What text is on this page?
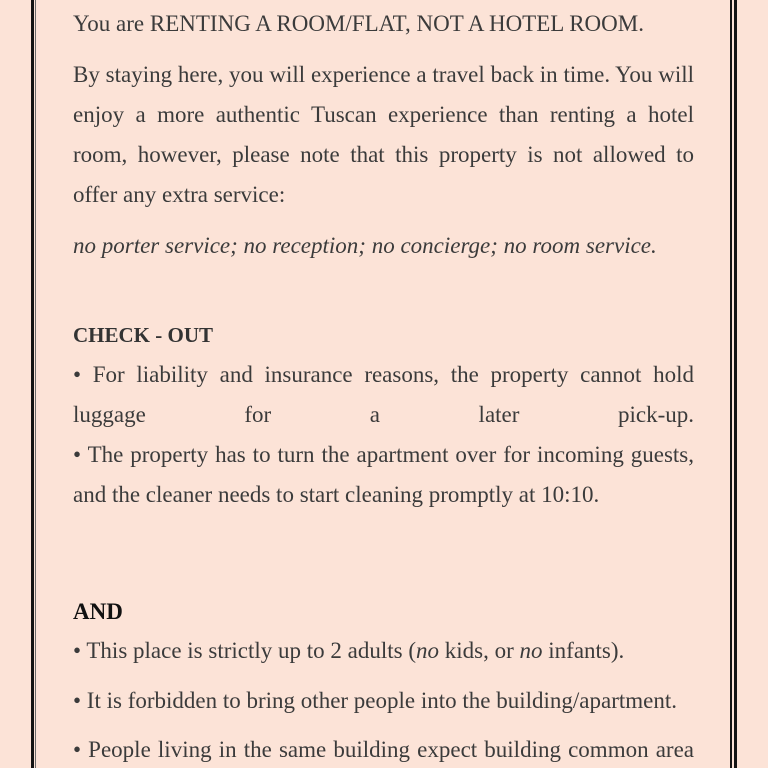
You are RENTING A ROOM/FLAT, NOT A HOTEL ROOM.

By staying here, you will experience a travel back in time. You will enjoy a more authentic Tuscan experience than renting a hotel room, however, please note that this property is not allowed to offer any extra service:

no porter service; no reception; no concierge; no room service.

CHECK - OUT

• For liability and insurance reasons, the property cannot hold luggage for a later pick-up.

• The property has to turn the apartment over for incoming guests, and the cleaner needs to start cleaning promptly at 10:10.

AND

• This place is strictly up to 2 adults (no kids, or no infants).

• It is forbidden to bring other people into the building/apartment.

• People living in the same building expect building common area
